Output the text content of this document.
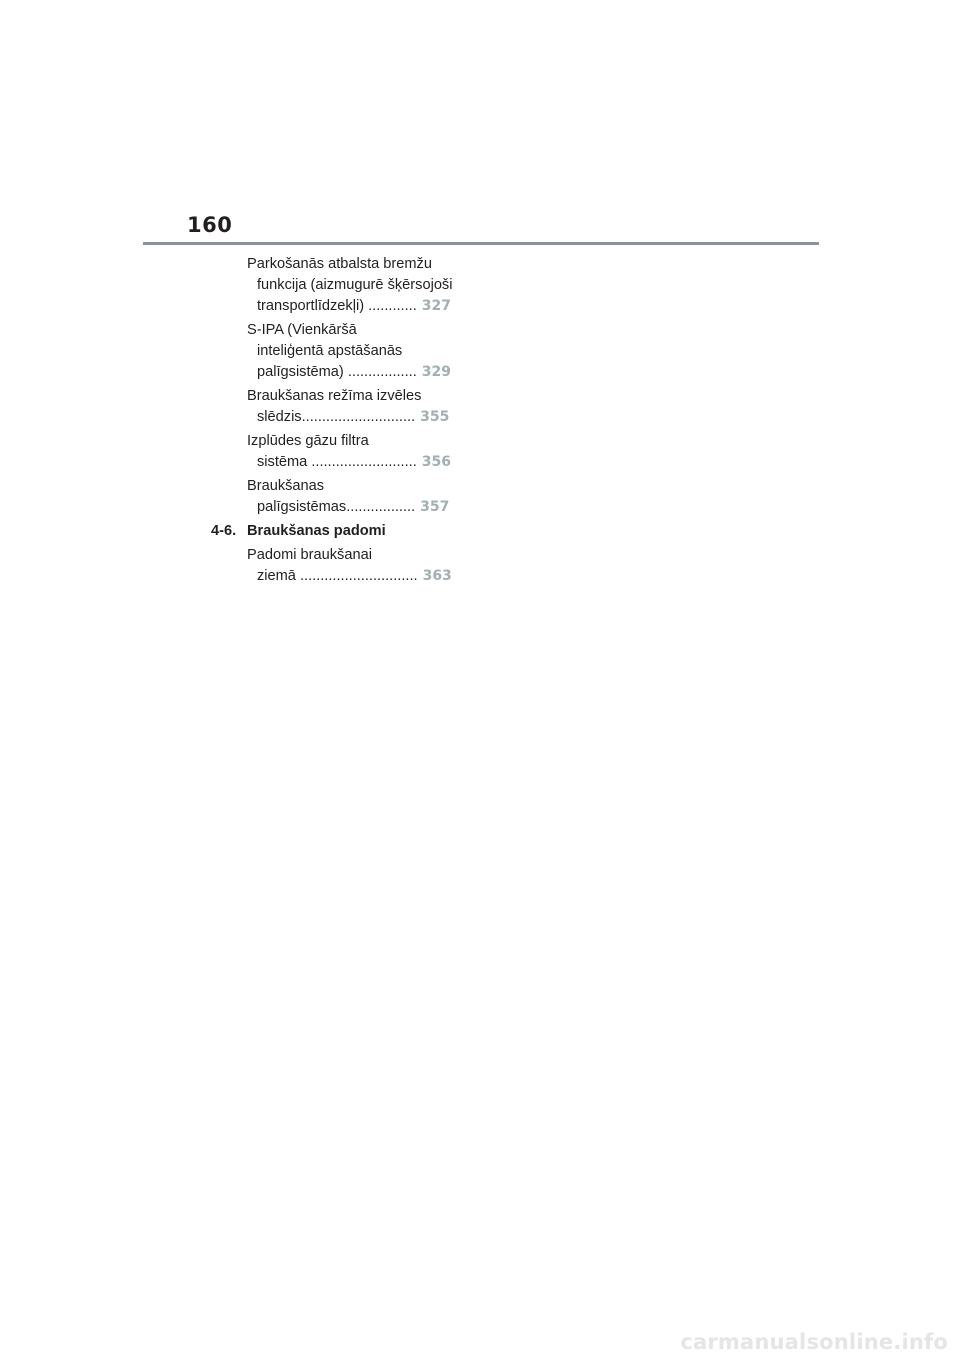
160
Parkošanās atbalsta bremžu
funkcija (aizmugurē šķērsojoši
transportlīdzekļi) ............ 327
S-IPA (Vienkāršā
inteliģentā apstāšanās
palīgsistēma) ................. 329
Braukšanas režīma izvēles
slēdzis............................ 355
Izplūdes gāzu filtra
sistēma .......................... 356
Braukšanas
palīgsistēmas................. 357
4-6. Braukšanas padomi
Padomi braukšanai
ziemā ............................. 363
carmanualsonline.info
